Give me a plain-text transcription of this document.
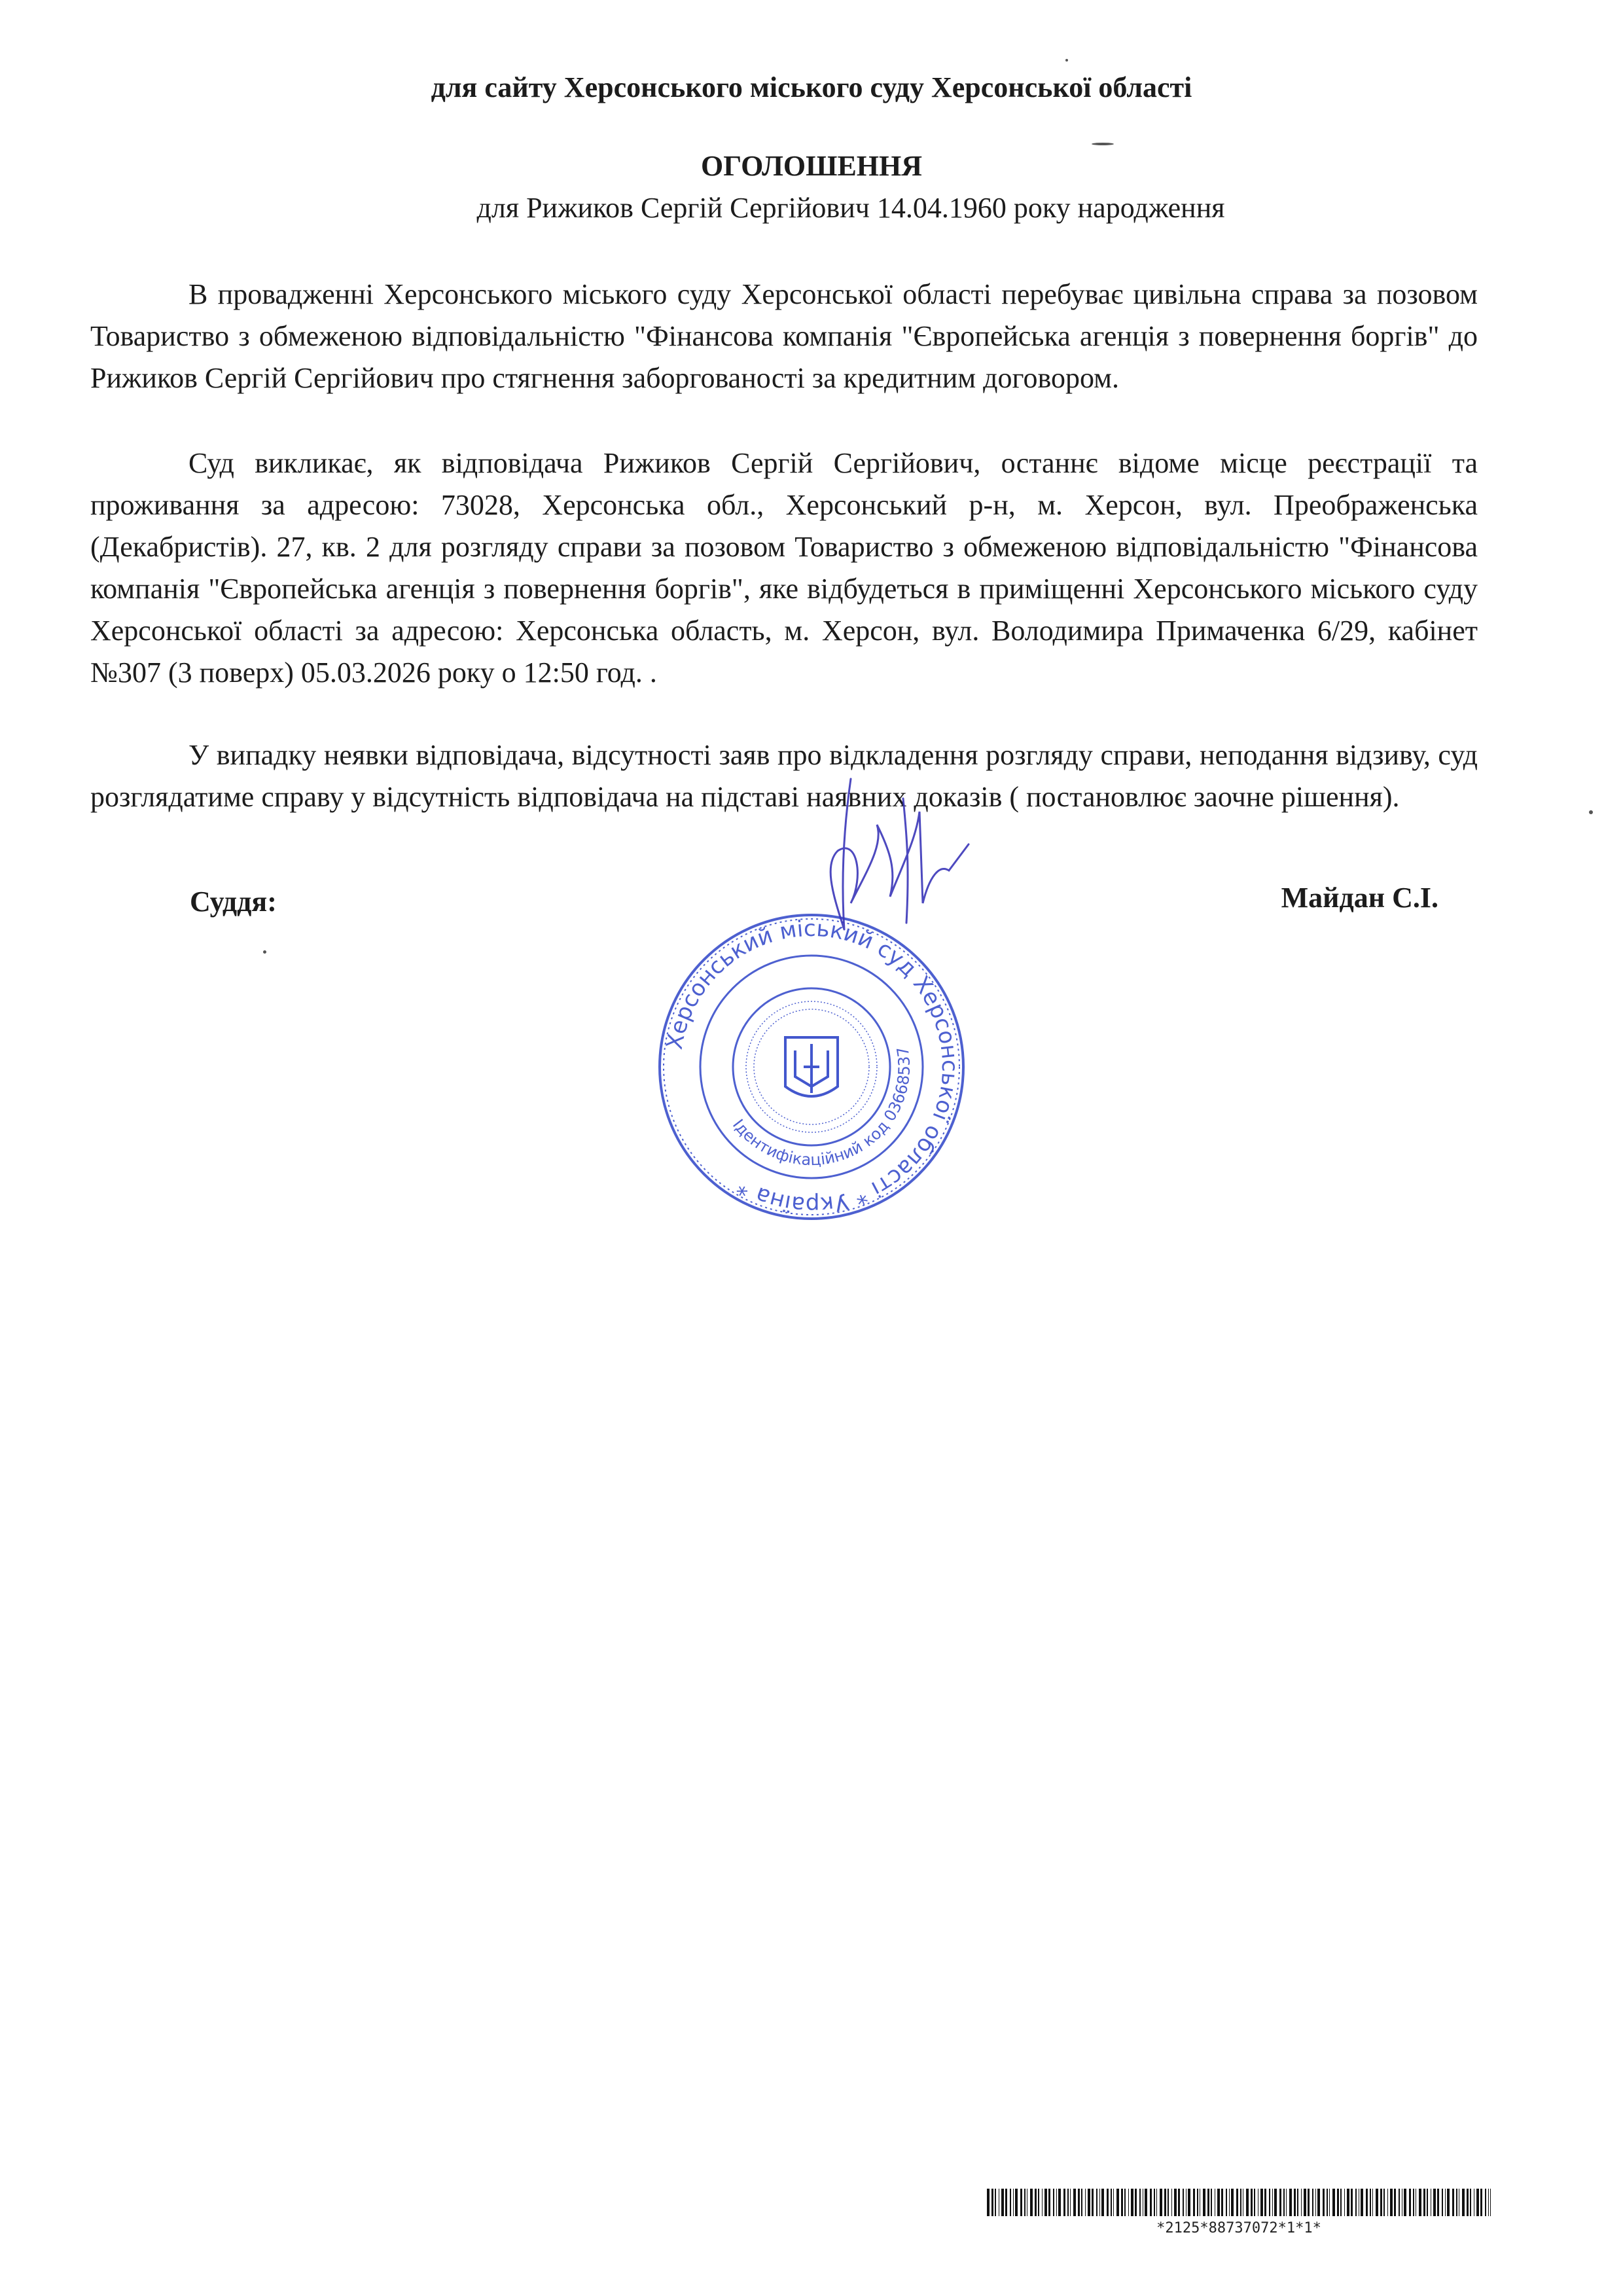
для сайту Херсонського міського суду Херсонської області
ОГОЛОШЕННЯ
для Рижиков Сергій Сергійович 14.04.1960 року народження

В провадженні Херсонського міського суду Херсонської області перебуває цивільна справа за позовом Товариство з обмеженою відповідальністю "Фінансова компанія "Європейська агенція з повернення боргів" до Рижиков Сергій Сергійович про стягнення заборгованості за кредитним договором.

Суд викликає, як відповідача Рижиков Сергій Сергійович, останнє відоме місце реєстрації та проживання за адресою: 73028, Херсонська обл., Херсонський р-н, м. Херсон, вул. Преображенська (Декабристів). 27, кв. 2 для розгляду справи за позовом Товариство з обмеженою відповідальністю "Фінансова компанія "Європейська агенція з повернення боргів", яке відбудеться в приміщенні Херсонського міського суду Херсонської області за адресою: Херсонська область, м. Херсон, вул. Володимира Примаченка 6/29, кабінет №307 (3 поверх) 05.03.2026 року о 12:50 год. .

У випадку неявки відповідача, відсутності заяв про відкладення розгляду справи, неподання відзиву, суд розглядатиме справу у відсутність відповідача на підставі наявних доказів ( постановлює заочне рішення).

Суддя:	Майдан С.І.
Херсонський міський суд Херсонської області * Україна *
Ідентифікаційний код 03668537
*2125*88737072*1*1*
